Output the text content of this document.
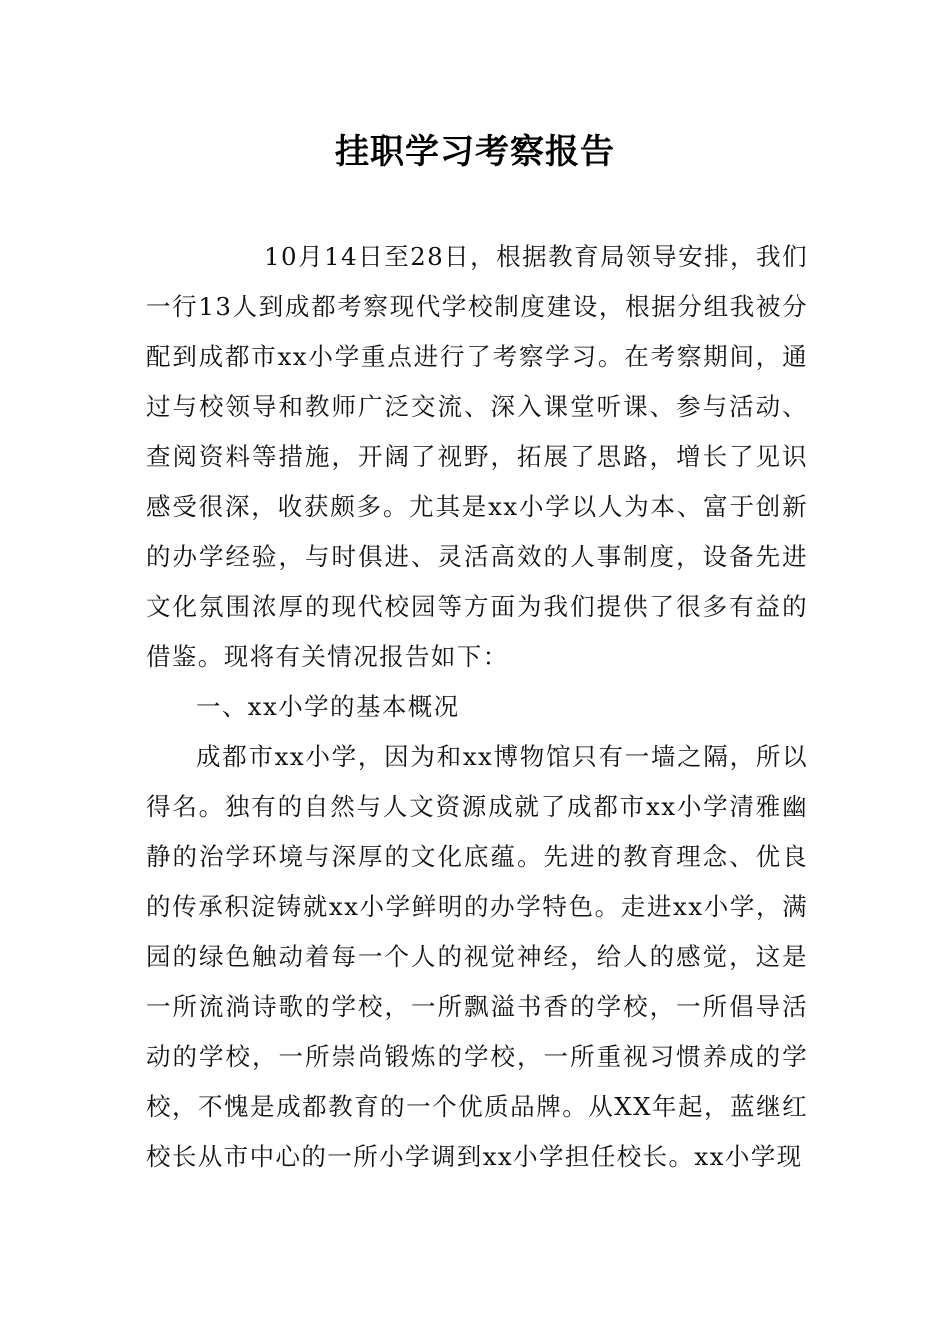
挂职学习考察报告

10月14日至28日，根据教育局领导安排，我们一行13人到成都考察现代学校制度建设，根据分组我被分配到成都市xx小学重点进行了考察学习。在考察期间，通过与校领导和教师广泛交流、深入课堂听课、参与活动、查阅资料等措施，开阔了视野，拓展了思路，增长了见识感受很深，收获颇多。尤其是xx小学以人为本、富于创新的办学经验，与时俱进、灵活高效的人事制度，设备先进文化氛围浓厚的现代校园等方面为我们提供了很多有益的借鉴。现将有关情况报告如下：

一、xx小学的基本概况

成都市xx小学，因为和xx博物馆只有一墙之隔，所以得名。独有的自然与人文资源成就了成都市xx小学清雅幽静的治学环境与深厚的文化底蕴。先进的教育理念、优良的传承积淀铸就xx小学鲜明的办学特色。走进xx小学，满园的绿色触动着每一个人的视觉神经，给人的感觉，这是一所流淌诗歌的学校，一所飘溢书香的学校，一所倡导活动的学校，一所崇尚锻炼的学校，一所重视习惯养成的学校，不愧是成都教育的一个优质品牌。从XX年起，蓝继红校长从市中心的一所小学调到xx小学担任校长。xx小学现
